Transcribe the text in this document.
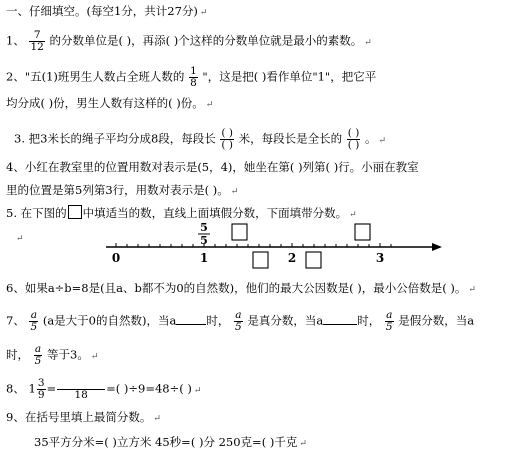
一、仔细填空。(每空1分，共计27分) ↵
1、 $\frac{7}{12}$ 的分数单位是( )，再添( )个这样的分数单位就是最小的素数。 ↵
2、"五(1)班男生人数占全班人数的 $\frac{1}{8}$ "，这是把( )看作单位"1"，把它平
均分成( )份，男生人数有这样的( )份。 ↵
3. 把3米长的绳子平均分成8段，每段长 $\frac{( )}{( )}$ 米，每段长是全长的 $\frac{( )}{( )}$ 。 ↵
4、小红在教室里的位置用数对表示是(5，4)，她坐在第( )列第( )行。小丽在教室
里的位置是第5列第3行，用数对表示是( )。 ↵
5. 在下图的 中填适当的数，直线上面填假分数，下面填带分数。 ↵
↵
0	1	2	3
5
5
6、如果a÷b=8是(且a、b都不为0的自然数)，他们的最大公因数是( )，最小公倍数是( )。 ↵
7、 $\frac{a}{5} (a$是大于0的自然数)，当a	时， $\frac{a}{5}$ 是真分数，当a	时， $\frac{a}{5}$ 是假分数，当a
时， $\frac{a}{5}$ 等于3。 ↵
8、 $1 \frac{3}{9}$ =	18	=( )÷9=48÷( ) ↵
9、在括号里填上最简分数。 ↵
35平方分米=( )立方米 45秒=( )分 250克=( )千克 ↵
